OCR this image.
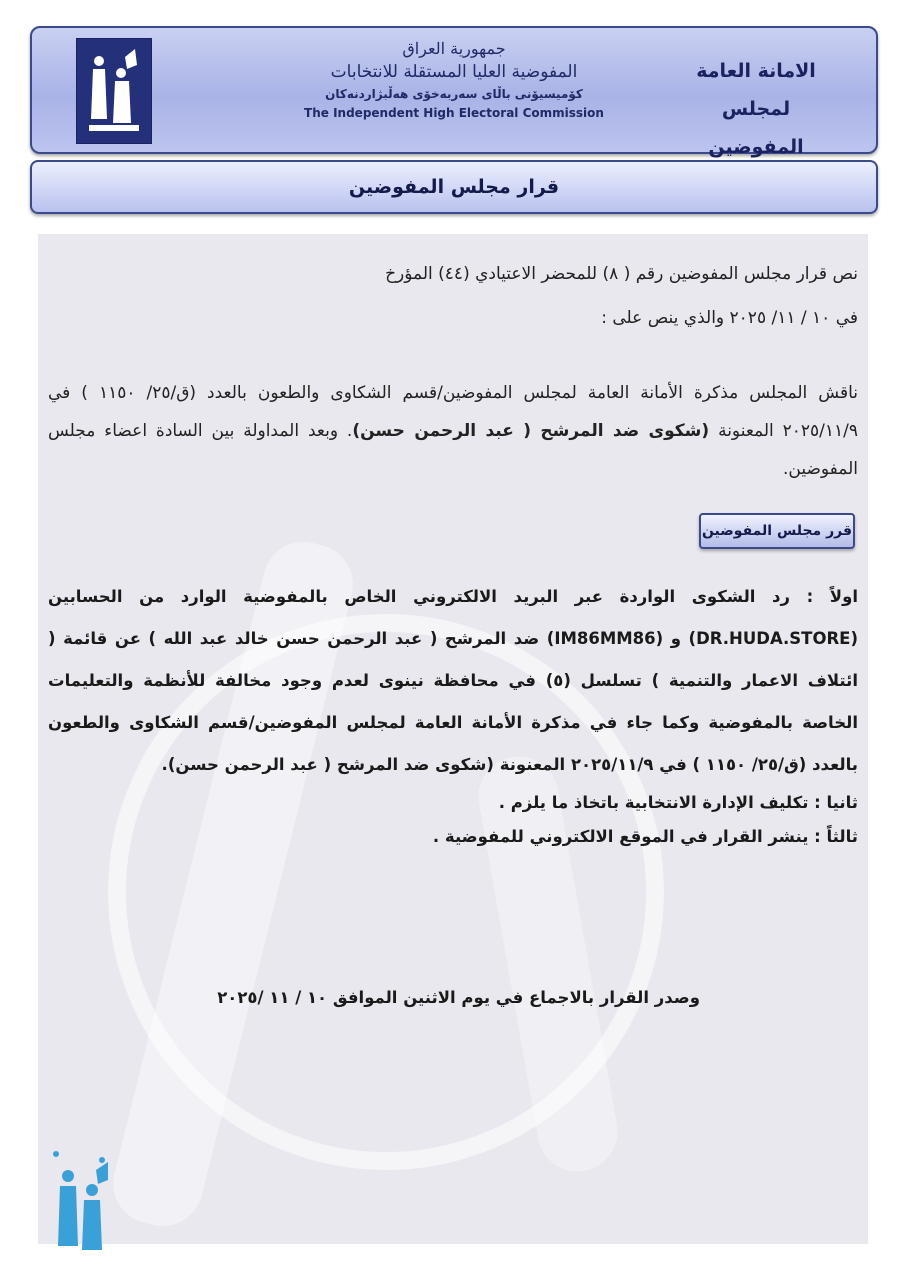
جمهورية العراق
المفوضية العليا المستقلة للانتخابات
كۆمیسیۆنی باڵای سەربەخۆی هەڵبژاردنەکان
The Independent High Electoral Commission
الامانة العامة
لمجلس المفوضين
قرار مجلس المفوضين
نص قرار مجلس المفوضين رقم ( ٨) للمحضر الاعتيادي (٤٤) المؤرخ
في ١٠ / ١١/ ٢٠٢٥ والذي ينص على :
ناقش المجلس مذكرة الأمانة العامة لمجلس المفوضين/قسم الشكاوى والطعون بالعدد (ق/٢٥/ ١١٥٠ ) في ٢٠٢٥/١١/٩ المعنونة (شكوى ضد المرشح ( عبد الرحمن حسن). وبعد المداولة بين السادة اعضاء مجلس المفوضين.
قرر مجلس المفوضين
اولاً : رد الشكوى الواردة عبر البريد الالكتروني الخاص بالمفوضية الوارد من الحسابين (DR.HUDA.STORE) و (IM86MM86) ضد المرشح ( عبد الرحمن حسن خالد عبد الله ) عن قائمة ( ائتلاف الاعمار والتنمية ) تسلسل (٥) في محافظة نينوى لعدم وجود مخالفة للأنظمة والتعليمات الخاصة بالمفوضية وكما جاء في مذكرة الأمانة العامة لمجلس المفوضين/قسم الشكاوى والطعون بالعدد (ق/٢٥/ ١١٥٠ ) في ٢٠٢٥/١١/٩ المعنونة (شكوى ضد المرشح ( عبد الرحمن حسن).
ثانيا : تكليف الإدارة الانتخابية باتخاذ ما يلزم .
ثالثاً : ينشر القرار في الموقع الالكتروني للمفوضية .
وصدر القرار بالاجماع في يوم الاثنين الموافق ١٠ / ١١ /٢٠٢٥
